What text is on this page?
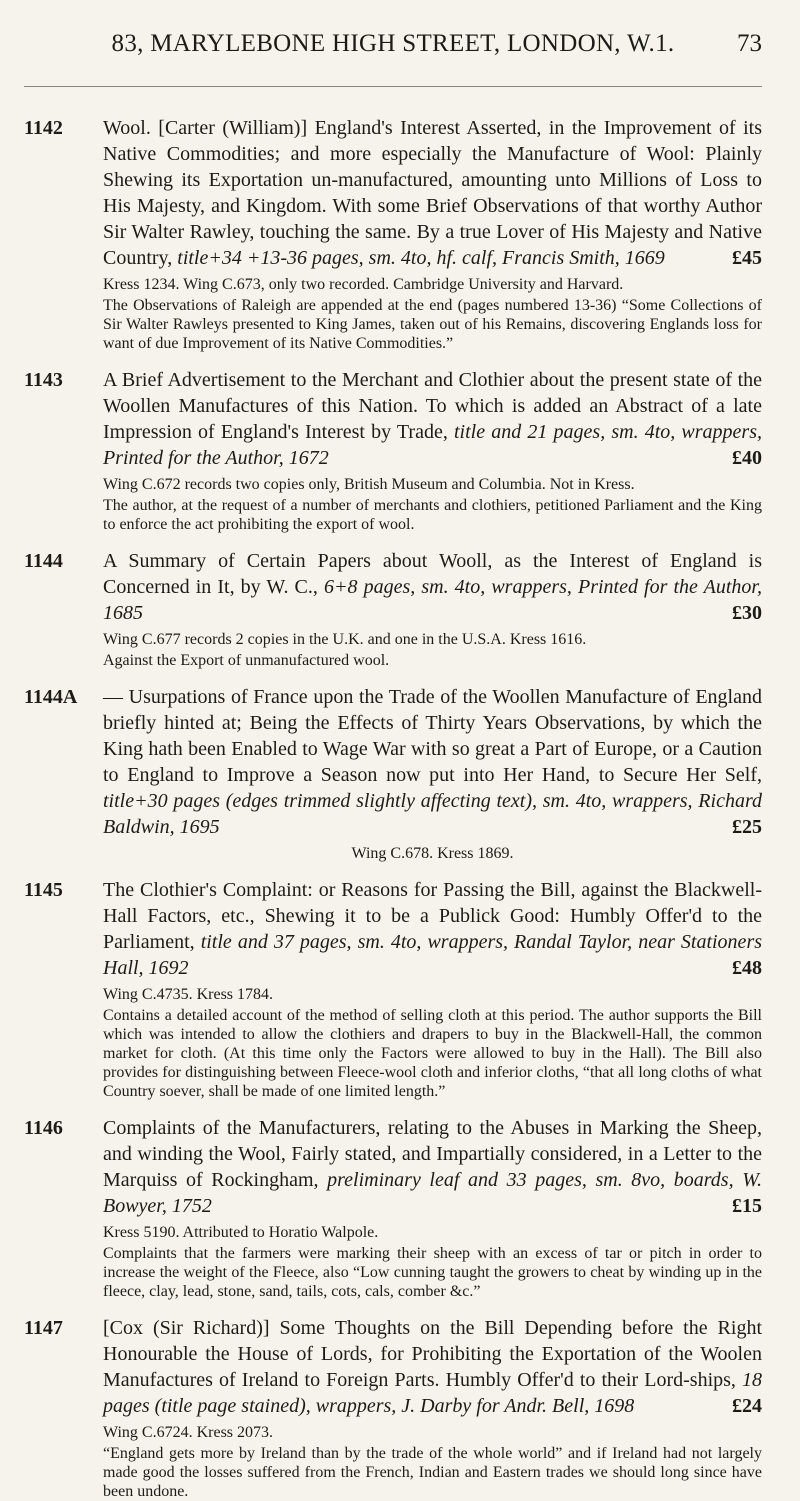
83, MARYLEBONE HIGH STREET, LONDON, W.1.	73
1142 Wool. [Carter (William)] England's Interest Asserted, in the Improvement of its Native Commodities; and more especially the Manufacture of Wool: Plainly Shewing its Exportation un-manufactured, amounting unto Millions of Loss to His Majesty, and Kingdom. With some Brief Observations of that worthy Author Sir Walter Rawley, touching the same. By a true Lover of His Majesty and Native Country, title+34 +13-36 pages, sm. 4to, hf. calf, Francis Smith, 1669	£45

Kress 1234. Wing C.673, only two recorded. Cambridge University and Harvard.

The Observations of Raleigh are appended at the end (pages numbered 13-36) “Some Collections of Sir Walter Rawleys presented to King James, taken out of his Remains, discovering Englands loss for want of due Improvement of its Native Commodities.”

1143 A Brief Advertisement to the Merchant and Clothier about the present state of the Woollen Manufactures of this Nation. To which is added an Abstract of a late Impression of England's Interest by Trade, title and 21 pages, sm. 4to, wrappers, Printed for the Author, 1672	£40

Wing C.672 records two copies only, British Museum and Columbia. Not in Kress.

The author, at the request of a number of merchants and clothiers, petitioned Parliament and the King to enforce the act prohibiting the export of wool.

1144 A Summary of Certain Papers about Wooll, as the Interest of England is Concerned in It, by W. C., 6+8 pages, sm. 4to, wrappers, Printed for the Author, 1685	£30

Wing C.677 records 2 copies in the U.K. and one in the U.S.A. Kress 1616.

Against the Export of unmanufactured wool.

1144A — Usurpations of France upon the Trade of the Woollen Manufacture of England briefly hinted at; Being the Effects of Thirty Years Observations, by which the King hath been Enabled to Wage War with so great a Part of Europe, or a Caution to England to Improve a Season now put into Her Hand, to Secure Her Self, title+30 pages (edges trimmed slightly affecting text), sm. 4to, wrappers, Richard Baldwin, 1695	£25

Wing C.678. Kress 1869.

1145 The Clothier's Complaint: or Reasons for Passing the Bill, against the Blackwell-Hall Factors, etc., Shewing it to be a Publick Good: Humbly Offer'd to the Parliament, title and 37 pages, sm. 4to, wrappers, Randal Taylor, near Stationers Hall, 1692	£48

Wing C.4735. Kress 1784.

Contains a detailed account of the method of selling cloth at this period. The author supports the Bill which was intended to allow the clothiers and drapers to buy in the Blackwell-Hall, the common market for cloth. (At this time only the Factors were allowed to buy in the Hall). The Bill also provides for distinguishing between Fleece-wool cloth and inferior cloths, “that all long cloths of what Country soever, shall be made of one limited length.”

1146 Complaints of the Manufacturers, relating to the Abuses in Marking the Sheep, and winding the Wool, Fairly stated, and Impartially considered, in a Letter to the Marquiss of Rockingham, preliminary leaf and 33 pages, sm. 8vo, boards, W. Bowyer, 1752	£15

Kress 5190. Attributed to Horatio Walpole.

Complaints that the farmers were marking their sheep with an excess of tar or pitch in order to increase the weight of the Fleece, also “Low cunning taught the growers to cheat by winding up in the fleece, clay, lead, stone, sand, tails, cots, cals, comber &c.”

1147 [Cox (Sir Richard)] Some Thoughts on the Bill Depending before the Right Honourable the House of Lords, for Prohibiting the Exportation of the Woolen Manufactures of Ireland to Foreign Parts. Humbly Offer'd to their Lord-ships, 18 pages (title page stained), wrappers, J. Darby for Andr. Bell, 1698	£24

Wing C.6724. Kress 2073.

“England gets more by Ireland than by the trade of the whole world” and if Ireland had not largely made good the losses suffered from the French, Indian and Eastern trades we should long since have been undone.
